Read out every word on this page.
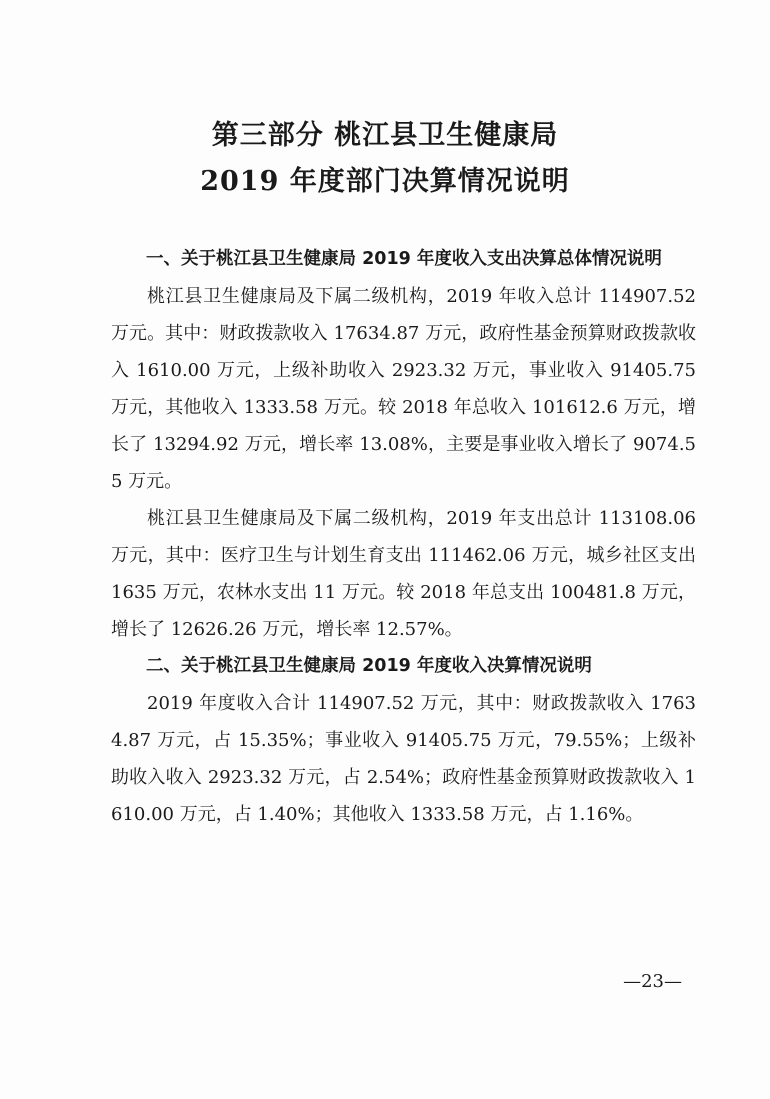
第三部分 桃江县卫生健康局
2019 年度部门决算情况说明

一、关于桃江县卫生健康局 2019 年度收入支出决算总体情况说明

桃江县卫生健康局及下属二级机构，2019 年收入总计 114907.52 万元。其中：财政拨款收入 17634.87 万元，政府性基金预算财政拨款收入 1610.00 万元，上级补助收入 2923.32 万元，事业收入 91405.75 万元，其他收入 1333.58 万元。较 2018 年总收入 101612.6 万元，增长了 13294.92 万元，增长率 13.08%，主要是事业收入增长了 9074.55 万元。

桃江县卫生健康局及下属二级机构，2019 年支出总计 113108.06 万元，其中：医疗卫生与计划生育支出 111462.06 万元，城乡社区支出 1635 万元，农林水支出 11 万元。较 2018 年总支出 100481.8 万元，增长了 12626.26 万元，增长率 12.57%。

二、关于桃江县卫生健康局 2019 年度收入决算情况说明

2019 年度收入合计 114907.52 万元，其中：财政拨款收入 17634.87 万元，占 15.35%；事业收入 91405.75 万元，79.55%；上级补助收入收入 2923.32 万元，占 2.54%；政府性基金预算财政拨款收入 1610.00 万元，占 1.40%；其他收入 1333.58 万元，占 1.16%。

—23—
